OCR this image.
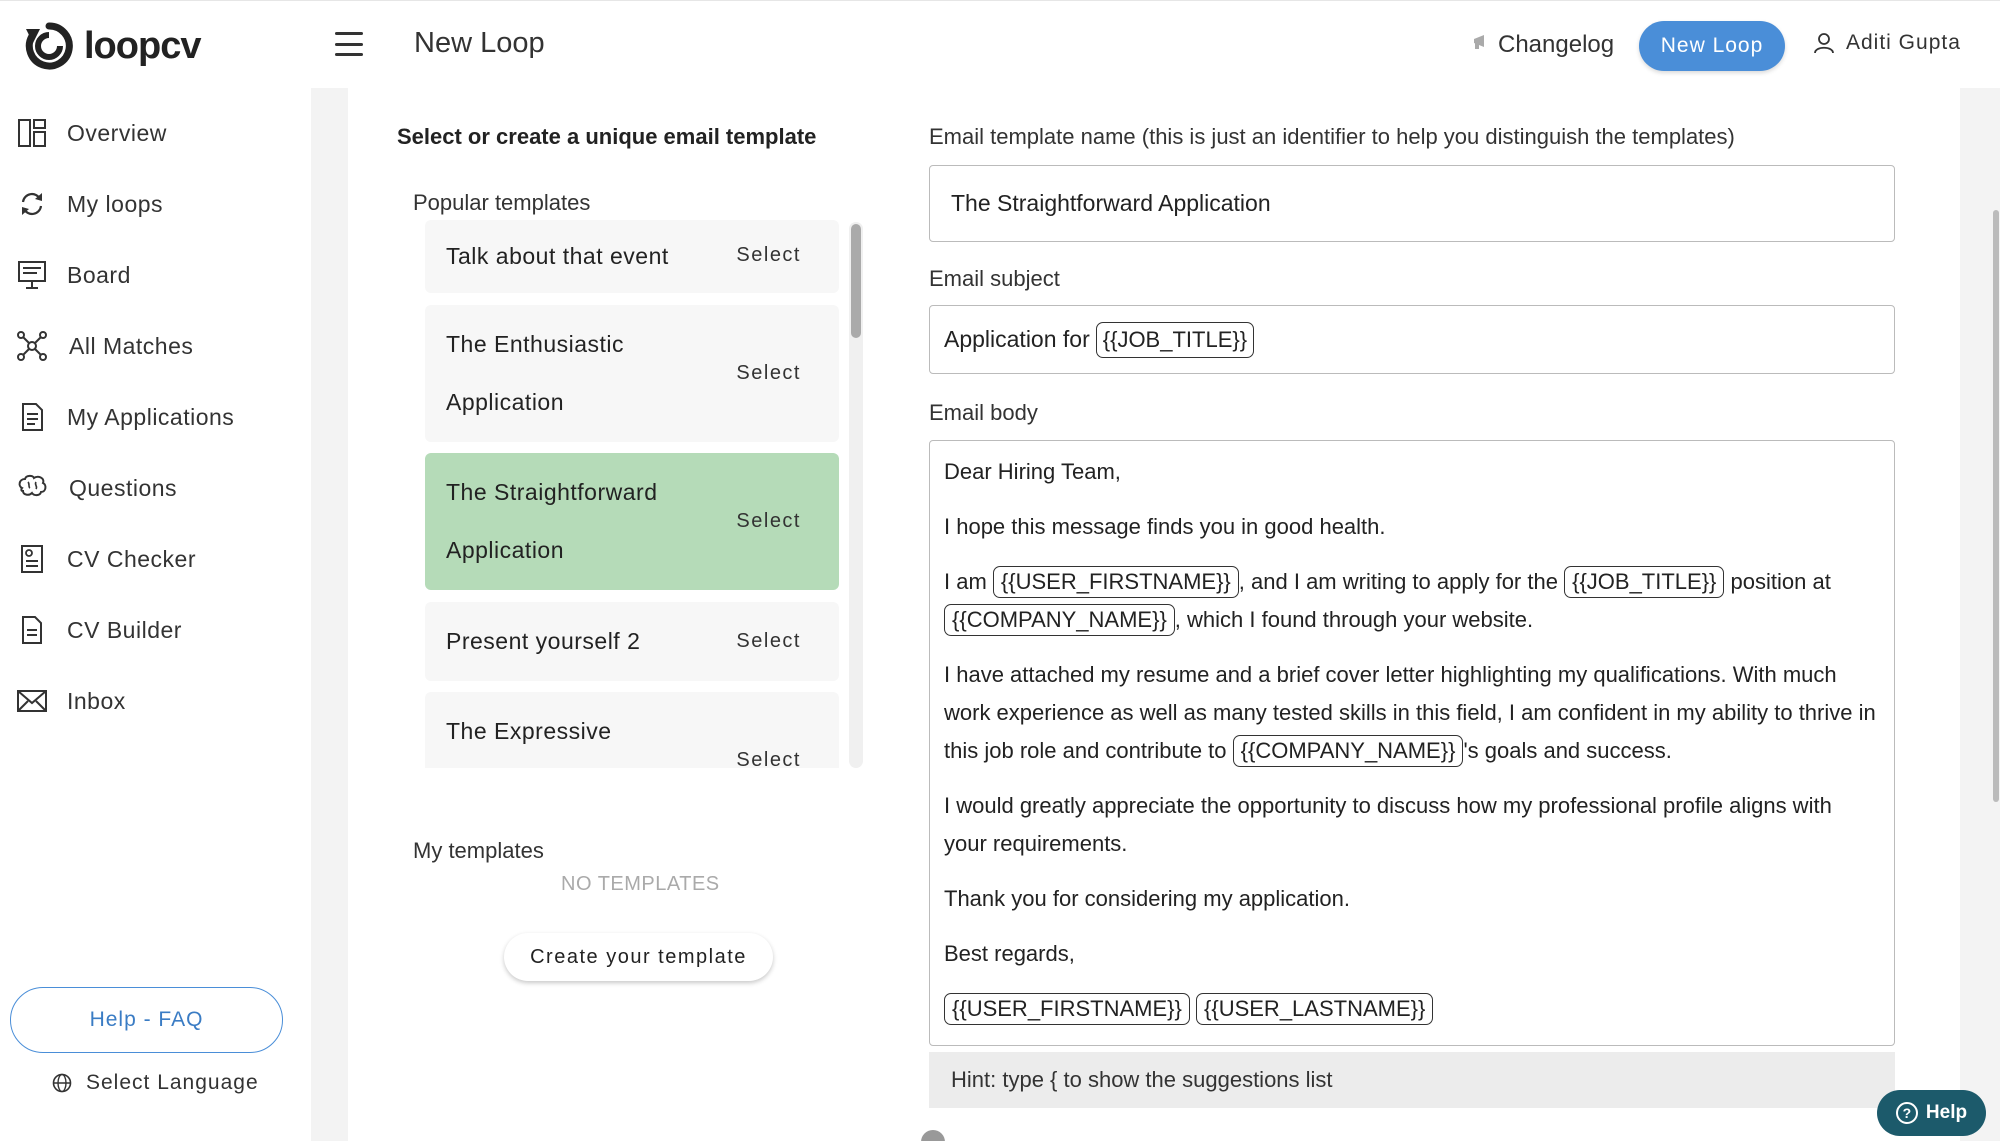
loopcv	New Loop	Changelog	New Loop	Aditi Gupta
Overview
My loops
Board
All Matches
My Applications
Questions
CV Checker
CV Builder
Inbox
Help - FAQ
Select Language
Select or create a unique email template
Popular templates
Talk about that event	Select
The Enthusiastic Application
Select
The Straightforward Application
Select
Present yourself 2	Select
The Expressive
Select
My templates
NO TEMPLATES
Create your template
Email template name (this is just an identifier to help you distinguish the templates)
The Straightforward Application
Email subject
Application for {{JOB_TITLE}}
Email body
Dear Hiring Team,
I hope this message finds you in good health.
I am {{USER_FIRSTNAME}} , and I am writing to apply for the {{JOB_TITLE}} position at {{COMPANY_NAME}} , which I found through your website.
I have attached my resume and a brief cover letter highlighting my qualifications. With much work experience as well as many tested skills in this field, I am confident in my ability to thrive in this job role and contribute to {{COMPANY_NAME}} 's goals and success.
I would greatly appreciate the opportunity to discuss how my professional profile aligns with your requirements.
Thank you for considering my application.
Best regards,
{{USER_FIRSTNAME}} {{USER_LASTNAME}}
Hint: type { to show the suggestions list
? Help
